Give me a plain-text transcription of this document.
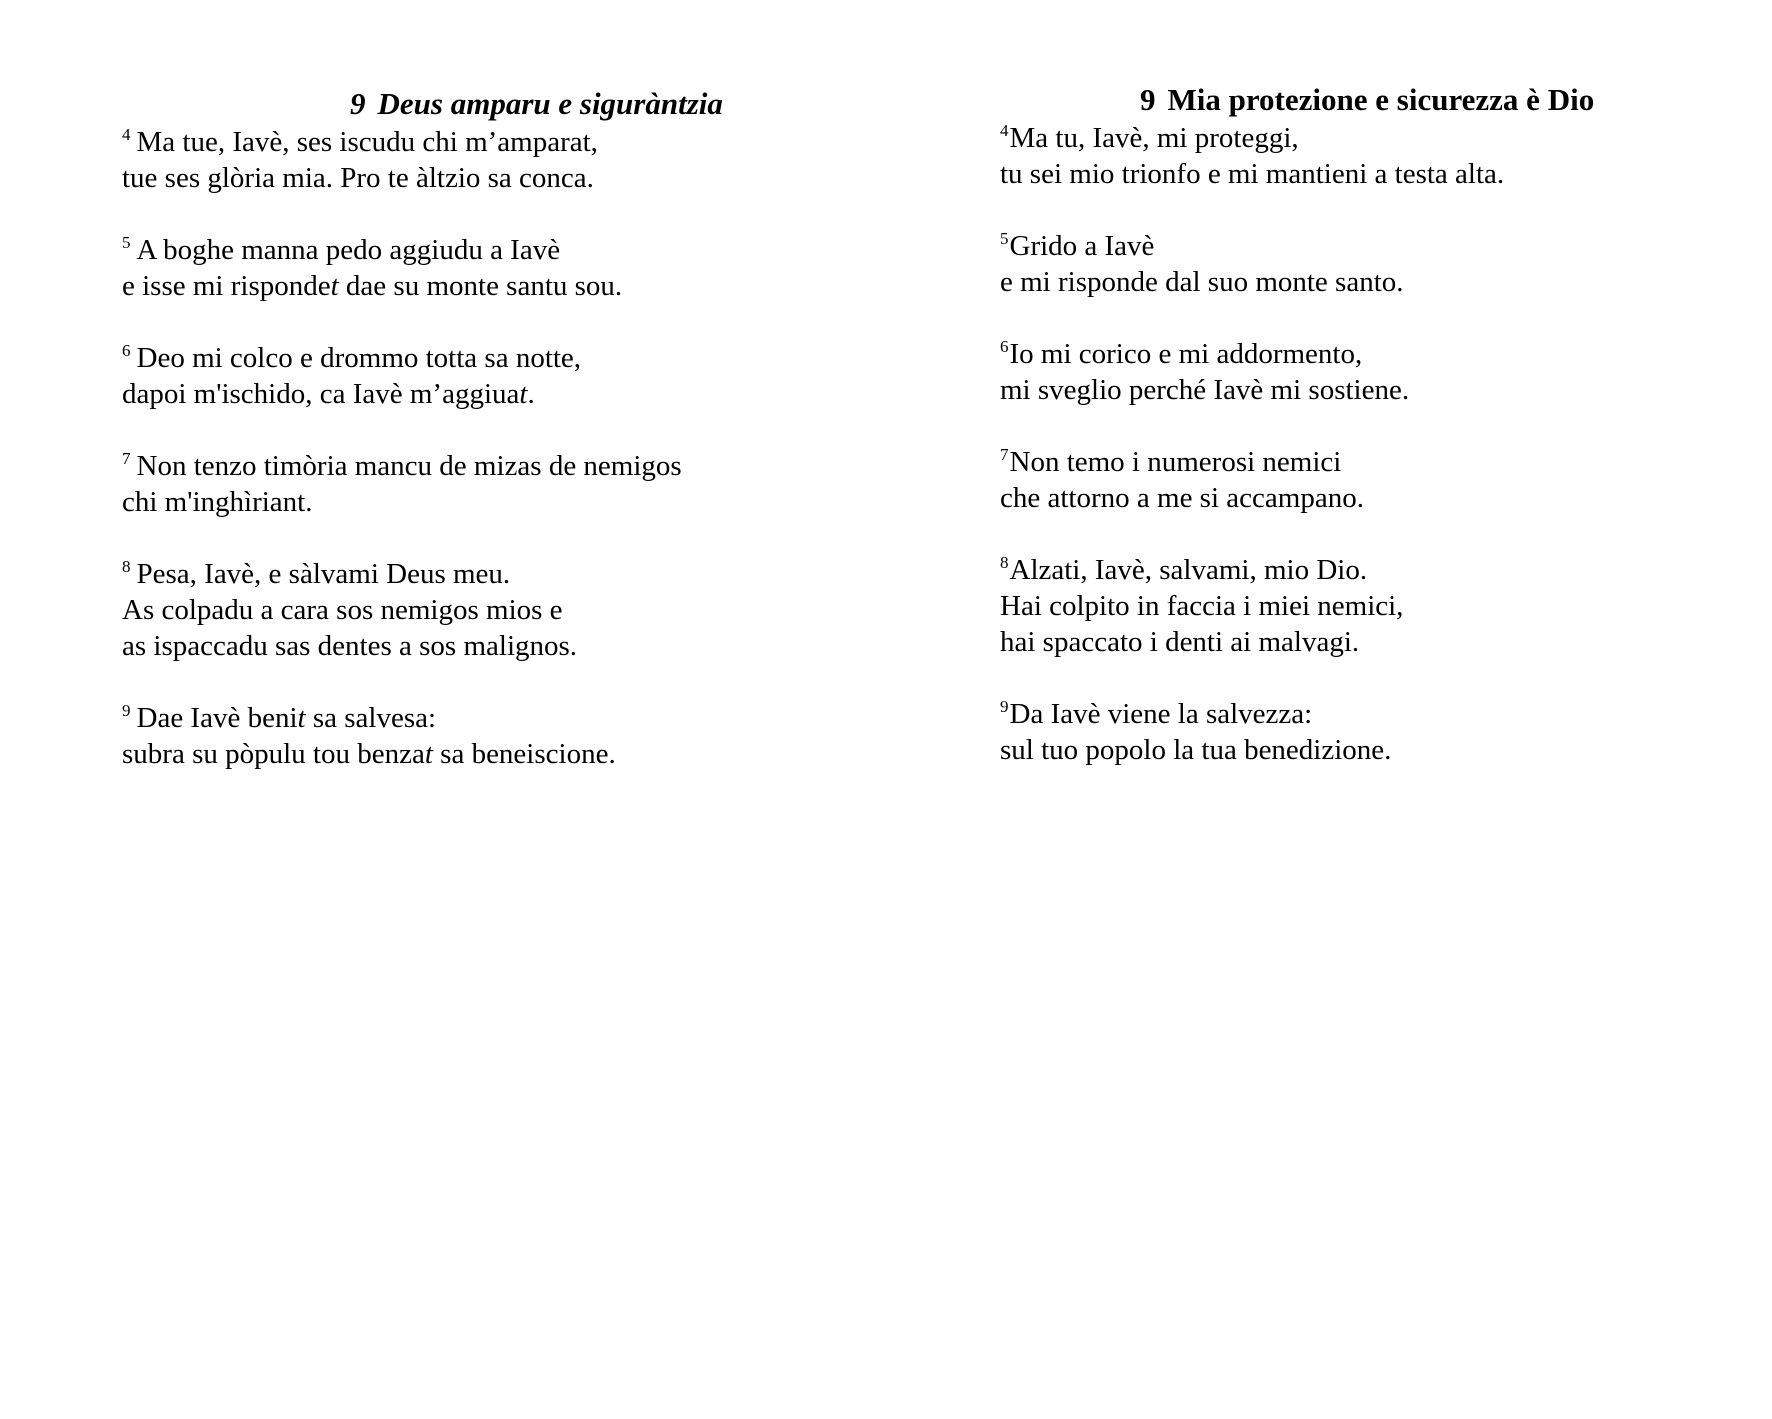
9 Deus amparu e siguràntzia
$^4$ Ma tue, Iavè, ses iscudu chi m’amparat,
tue ses glòria mia. Pro te àltzio sa conca.
$^5$ A boghe manna pedo aggiudu a Iavè
e isse mi rispondet dae su monte santu sou.
$^6$ Deo mi colco e drommo totta sa notte,
dapoi m'ischido, ca Iavè m’aggiuat.
$^7$ Non tenzo timòria mancu de mizas de nemigos
chi m'inghìriant.
$^8$ Pesa, Iavè, e sàlvami Deus meu.
As colpadu a cara sos nemigos mios e
as ispaccadu sas dentes a sos malignos.
$^9$ Dae Iavè benit sa salvesa:
subra su pòpulu tou benzat sa beneiscione.
9 Mia protezione e sicurezza è Dio
$^4$Ma tu, Iavè, mi proteggi,
tu sei mio trionfo e mi mantieni a testa alta.
$^5$Grido a Iavè
e mi risponde dal suo monte santo.
$^6$Io mi corico e mi addormento,
mi sveglio perché Iavè mi sostiene.
$^7$Non temo i numerosi nemici
che attorno a me si accampano.
$^8$Alzati, Iavè, salvami, mio Dio.
Hai colpito in faccia i miei nemici,
hai spaccato i denti ai malvagi.
$^9$Da Iavè viene la salvezza:
sul tuo popolo la tua benedizione.
